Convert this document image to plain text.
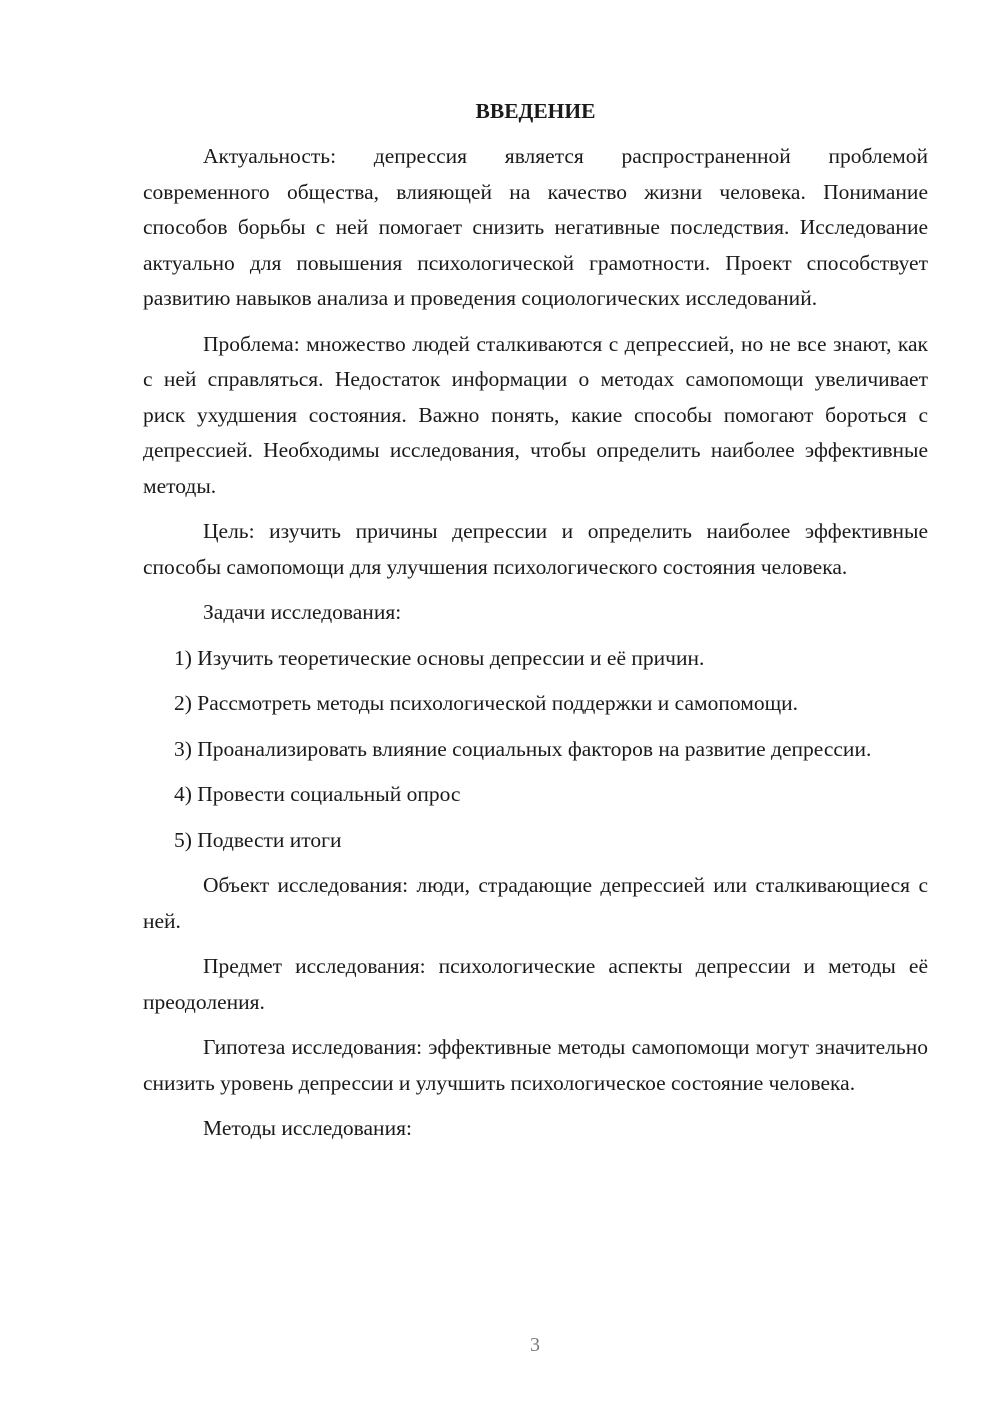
ВВЕДЕНИЕ

Актуальность: депрессия является распространенной проблемой современного общества, влияющей на качество жизни человека. Понимание способов борьбы с ней помогает снизить негативные последствия. Исследование актуально для повышения психологической грамотности. Проект способствует развитию навыков анализа и проведения социологических исследований.

Проблема: множество людей сталкиваются с депрессией, но не все знают, как с ней справляться. Недостаток информации о методах самопомощи увеличивает риск ухудшения состояния. Важно понять, какие способы помогают бороться с депрессией. Необходимы исследования, чтобы определить наиболее эффективные методы.

Цель: изучить причины депрессии и определить наиболее эффективные способы самопомощи для улучшения психологического состояния человека.

Задачи исследования:

1) Изучить теоретические основы депрессии и её причин.

2) Рассмотреть методы психологической поддержки и самопомощи.

3) Проанализировать влияние социальных факторов на развитие депрессии.

4) Провести социальный опрос

5) Подвести итоги

Объект исследования: люди, страдающие депрессией или сталкивающиеся с ней.

Предмет исследования: психологические аспекты депрессии и методы её преодоления.

Гипотеза исследования: эффективные методы самопомощи могут значительно снизить уровень депрессии и улучшить психологическое состояние человека.

Методы исследования:

3
